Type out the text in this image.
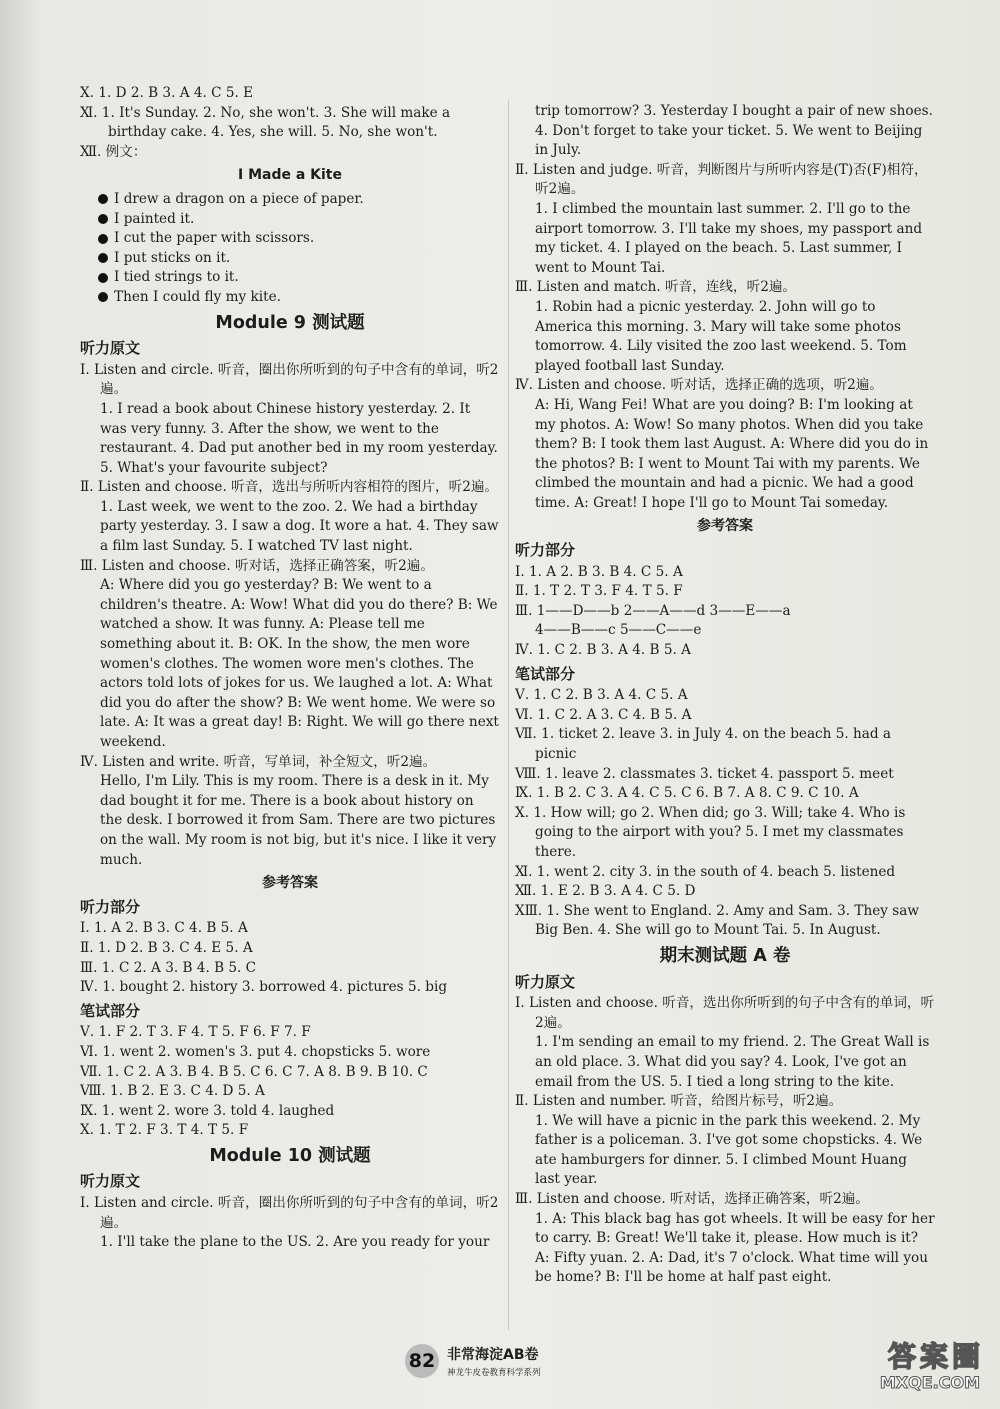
Ⅹ. 1. D 2. B 3. A 4. C 5. E

Ⅺ. 1. It's Sunday. 2. No, she won't. 3. She will make a birthday cake. 4. Yes, she will. 5. No, she won't.

Ⅻ. 例文：

I Made a Kite

I drew a dragon on a piece of paper.

I painted it.

I cut the paper with scissors.

I put sticks on it.

I tied strings to it.

Then I could fly my kite.

Module 9 测试题
听力原文

Ⅰ. Listen and circle. 听音，圈出你所听到的句子中含有的单词，听2遍。

1. I read a book about Chinese history yesterday. 2. It was very funny. 3. After the show, we went to the restaurant. 4. Dad put another bed in my room yesterday. 5. What's your favourite subject?

Ⅱ. Listen and choose. 听音，选出与所听内容相符的图片，听2遍。

1. Last week, we went to the zoo. 2. We had a birthday party yesterday. 3. I saw a dog. It wore a hat. 4. They saw a film last Sunday. 5. I watched TV last night.

Ⅲ. Listen and choose. 听对话，选择正确答案，听2遍。

A: Where did you go yesterday? B: We went to a children's theatre. A: Wow! What did you do there? B: We watched a show. It was funny. A: Please tell me something about it. B: OK. In the show, the men wore women's clothes. The women wore men's clothes. The actors told lots of jokes for us. We laughed a lot. A: What did you do after the show? B: We went home. We were so late. A: It was a great day! B: Right. We will go there next weekend.

Ⅳ. Listen and write. 听音，写单词，补全短文，听2遍。

Hello, I'm Lily. This is my room. There is a desk in it. My dad bought it for me. There is a book about history on the desk. I borrowed it from Sam. There are two pictures on the wall. My room is not big, but it's nice. I like it very much.

参考答案
听力部分

Ⅰ. 1. A 2. B 3. C 4. B 5. A

Ⅱ. 1. D 2. B 3. C 4. E 5. A

Ⅲ. 1. C 2. A 3. B 4. B 5. C

Ⅳ. 1. bought 2. history 3. borrowed 4. pictures 5. big

笔试部分

Ⅴ. 1. F 2. T 3. F 4. T 5. F 6. F 7. F

Ⅵ. 1. went 2. women's 3. put 4. chopsticks 5. wore

Ⅶ. 1. C 2. A 3. B 4. B 5. C 6. C 7. A 8. B 9. B 10. C

Ⅷ. 1. B 2. E 3. C 4. D 5. A

Ⅸ. 1. went 2. wore 3. told 4. laughed

Ⅹ. 1. T 2. F 3. T 4. T 5. F

Module 10 测试题
听力原文

Ⅰ. Listen and circle. 听音，圈出你所听到的句子中含有的单词，听2遍。

1. I'll take the plane to the US. 2. Are you ready for your

trip tomorrow? 3. Yesterday I bought a pair of new shoes. 4. Don't forget to take your ticket. 5. We went to Beijing in July.

Ⅱ. Listen and judge. 听音，判断图片与所听内容是(T)否(F)相符，听2遍。

1. I climbed the mountain last summer. 2. I'll go to the airport tomorrow. 3. I'll take my shoes, my passport and my ticket. 4. I played on the beach. 5. Last summer, I went to Mount Tai.

Ⅲ. Listen and match. 听音，连线，听2遍。

1. Robin had a picnic yesterday. 2. John will go to America this morning. 3. Mary will take some photos tomorrow. 4. Lily visited the zoo last weekend. 5. Tom played football last Sunday.

Ⅳ. Listen and choose. 听对话，选择正确的选项，听2遍。

A: Hi, Wang Fei! What are you doing? B: I'm looking at my photos. A: Wow! So many photos. When did you take them? B: I took them last August. A: Where did you do in the photos? B: I went to Mount Tai with my parents. We climbed the mountain and had a picnic. We had a good time. A: Great! I hope I'll go to Mount Tai someday.

参考答案
听力部分

Ⅰ. 1. A 2. B 3. B 4. C 5. A

Ⅱ. 1. T 2. T 3. F 4. T 5. F

Ⅲ. 1——D——b 2——A——d 3——E——a

4——B——c 5——C——e

Ⅳ. 1. C 2. B 3. A 4. B 5. A

笔试部分

Ⅴ. 1. C 2. B 3. A 4. C 5. A

Ⅵ. 1. C 2. A 3. C 4. B 5. A

Ⅶ. 1. ticket 2. leave 3. in July 4. on the beach 5. had a picnic

Ⅷ. 1. leave 2. classmates 3. ticket 4. passport 5. meet

Ⅸ. 1. B 2. C 3. A 4. C 5. C 6. B 7. A 8. C 9. C 10. A

Ⅹ. 1. How will; go 2. When did; go 3. Will; take 4. Who is going to the airport with you? 5. I met my classmates there.

Ⅺ. 1. went 2. city 3. in the south of 4. beach 5. listened

Ⅻ. 1. E 2. B 3. A 4. C 5. D

ⅩⅢ. 1. She went to England. 2. Amy and Sam. 3. They saw Big Ben. 4. She will go to Mount Tai. 5. In August.

期末测试题 A 卷
听力原文

Ⅰ. Listen and choose. 听音，选出你所听到的句子中含有的单词，听2遍。

1. I'm sending an email to my friend. 2. The Great Wall is an old place. 3. What did you say? 4. Look, I've got an email from the US. 5. I tied a long string to the kite.

Ⅱ. Listen and number. 听音，给图片标号，听2遍。

1. We will have a picnic in the park this weekend. 2. My father is a policeman. 3. I've got some chopsticks. 4. We ate hamburgers for dinner. 5. I climbed Mount Huang last year.

Ⅲ. Listen and choose. 听对话，选择正确答案，听2遍。

1. A: This black bag has got wheels. It will be easy for her to carry. B: Great! We'll take it, please. How much is it? A: Fifty yuan. 2. A: Dad, it's 7 o'clock. What time will you be home? B: I'll be home at half past eight.

82 非常海淀AB卷
神龙牛皮卷教育科学系列	答案圈
MXQE.COM
